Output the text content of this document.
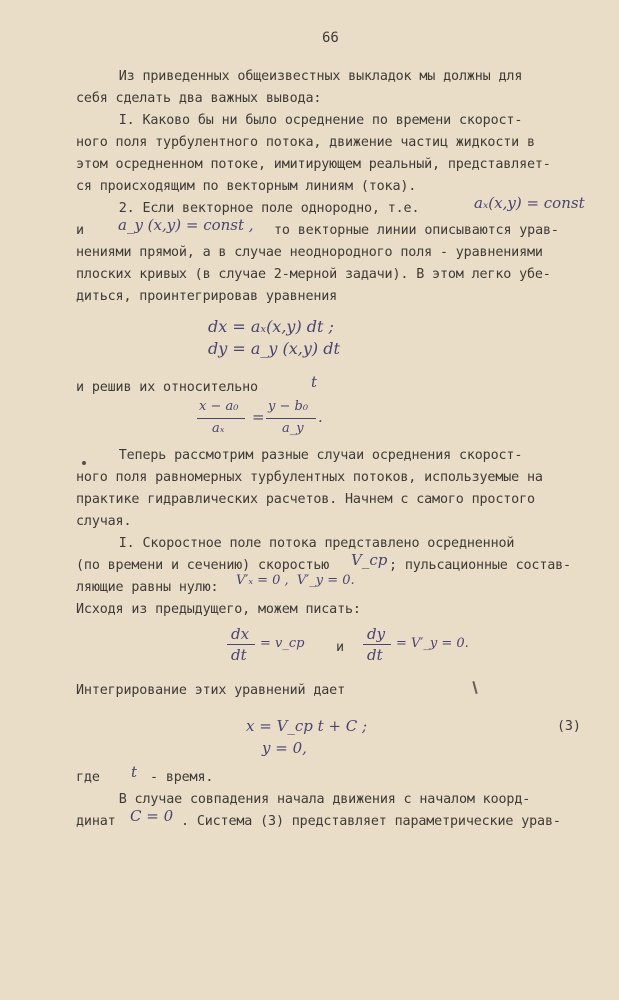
66
Из приведенных общеизвестных выкладок мы должны для
себя сделать два важных вывода:
I. Каково бы ни было осреднение по времени скорост-
ного поля турбулентного потока, движение частиц жидкости в
этом осредненном потоке, имитирующем реальный, представляет-
ся происходящим по векторным линиям (тока).
2. Если векторное поле однородно, т.е.	aₓ(x,y) = const
и a_y (x,y) = const , то векторные линии описываются урав-
нениями прямой, а в случае неоднородного поля - уравнениями
плоских кривых (в случае 2-мерной задачи). В этом легко убе-
диться, проинтегрировав уравнения
dx = aₓ(x,y) dt ;
dy = a_y (x,y) dt
и решив их относительно	t
x − a₀
aₓ
=
y − b₀
a_y
.
Теперь рассмотрим разные случаи осреднения скорост-
ного поля равномерных турбулентных потоков, используемые на
практике гидравлических расчетов. Начнем с самого простого
случая.
I. Скоростное поле потока представлено осредненной
(по времени и сечению) скоростью V_ср ; пульсационные состав-
ляющие равны нулю: V′ₓ = 0 ,  V′_y = 0.
Исходя из предыдущего, можем писать:
dx
dt
= v_ср и
dy
dt
= V′_y = 0.
Интегрирование этих уравнений дает
x = V_ср t + C ;
y = 0,
(3)
где t - время.
В случае совпадения начала движения с началом коорд-
динат C = 0 . Система (3) представляет параметрические урав-
